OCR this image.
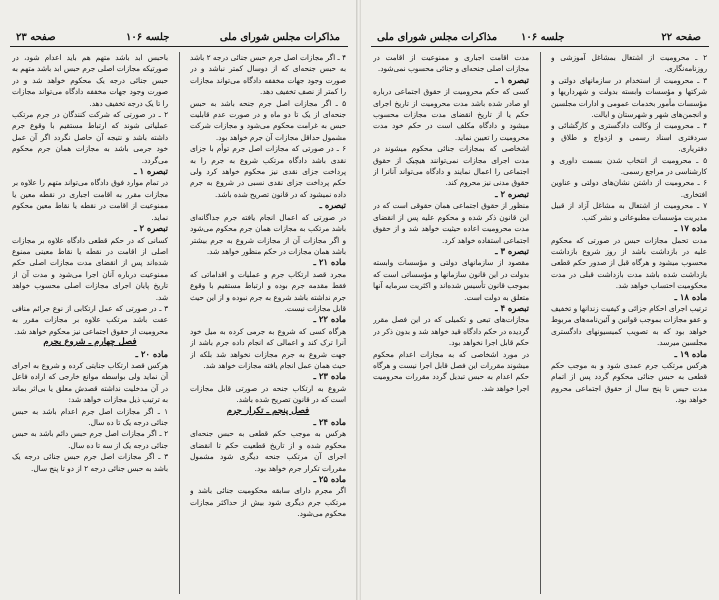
صفحه ۲۳	جلسه ۱۰۶	مذاکرات مجلس شورای ملی

۴ ـ اگر مجازات اصل جرم حبس جنائی درجه ۲ باشد به حبس جنحه‌ای که از دوسال کمتر نباشد و در صورت وجود جهات مخففه دادگاه می‌تواند مجازات را کمتر از نصف تخفیف دهد.

۵ ـ اگر مجازات اصل جرم جنحه باشد به حبس جنحه‌ای از یک تا دو ماه و در صورت عدم قابلیت حبس به غرامت محکوم می‌شود و مجازات شرکت مشمول حداقل مجازات آن جرم خواهد بود.

۶ ـ در صورتی که مجازات اصل جرم توأم با جزای نقدی باشد دادگاه مرتکب شروع به جرم را به پرداخت جزای نقدی نیز محکوم خواهد کرد ولی حکم پرداخت جزای نقدی نسبی در شروع به جرم داده نمیشود که در قانون تصریح شده باشد.

تبصره ـ

در صورتی که اعمال انجام یافته جرم جداگانه‌ای باشد مرتکب به مجازات همان جرم محکوم می‌شود و اگر مجازات آن از مجازات شروع به جرم بیشتر باشد همان مجازات در حکم منظور خواهد شد.

ماده ۲۱ ـ

مجرد قصد ارتکاب جرم و عملیات و اقداماتی که فقط مقدمه جرم بوده و ارتباط مستقیم با وقوع جرم نداشته باشد شروع به جرم نبوده و از این حیث قابل مجازات نیست.

ماده ۲۲ ـ

هرگاه کسی که شروع به جرمی کرده به میل خود آنرا ترک کند و اعمالی که انجام داده جرم باشد از جهت شروع به جرم مجازات نخواهد شد بلکه از حیث همان عمل انجام یافته مجازات خواهد شد.

ماده ۲۳ ـ

شروع به ارتکاب جنحه در صورتی قابل مجازات است که در قانون تصریح شده باشد.

فصل پنجم ـ تکرار جرم

ماده ۲۴ ـ

هرکس به موجب حکم قطعی به حبس جنحه‌ای محکوم شده و از تاریخ قطعیت حکم تا انقضای اجرای آن مرتکب جنحه دیگری شود مشمول مقررات تکرار جرم خواهد بود.

ماده ۲۵ ـ

اگر مجرم دارای سابقه محکومیت جنائی باشد و مرتکب جرم دیگری شود بیش از حداکثر مجازات محکوم می‌شود.

باحبس ابد باشد متهم هم باید اعدام شود، در صورتیکه مجازات اصلی جرم حبس ابد باشد متهم به حبس جنائی درجه یک محکوم خواهد شد و در صورت وجود جهات مخففه دادگاه می‌تواند مجازات را تا یک درجه تخفیف دهد.

۲ ـ در صورتی که شرکت کنندگان در جرم مرتکب عملیاتی شوند که ارتباط مستقیم با وقوع جرم داشته باشد و نتیجه آن حاصل نگردد اگر آن عمل خود جرمی باشد به مجازات همان جرم محکوم می‌گردد.

تبصره ۱ ـ

در تمام موارد فوق دادگاه می‌تواند متهم را علاوه بر مجازات مقرر به اقامت اجباری در نقطه معین یا ممنوعیت از اقامت در نقطه یا نقاط معین محکوم نماید.

تبصره ۲ ـ

کسانی که در حکم قطعی دادگاه علاوه بر مجازات اصلی از اقامت در نقطه یا نقاط معینی ممنوع شده‌اند پس از انقضای مدت مجازات اصلی حکم ممنوعیت درباره آنان اجرا می‌شود و مدت آن از تاریخ پایان اجرای مجازات اصلی محسوب خواهد شد.

۳ ـ در صورتی که عمل ارتکابی از نوع جرائم منافی عفت باشد مرتکب علاوه بر مجازات مقرر به محرومیت از حقوق اجتماعی نیز محکوم خواهد شد.

فصل چهارم ـ شروع بجرم

ماده ۲۰ ـ

هرکس قصد ارتکاب جنایتی کرده و شروع به اجرای آن نماید ولی بواسطه موانع خارجی که اراده فاعل در آن مدخلیت نداشته قصدش معلق یا بی‌اثر بماند به ترتیب ذیل مجازات خواهد شد:

۱ ـ اگر مجازات اصل جرم اعدام باشد به حبس جنائی درجه یک تا ده سال.

۲ ـ اگر مجازات اصل جرم حبس دائم باشد به حبس جنائی درجه یک از سه تا ده سال.

۳ ـ اگر مجازات اصل جرم حبس جنائی درجه یک باشد به حبس جنائی درجه ۲ از دو تا پنج سال.

مذاکرات مجلس شورای ملی جلسه ۱۰۶	صفحه ۲۲

۲ ـ محرومیت از اشتغال بمشاغل آموزشی و روزنامه‌نگاری.

۳ ـ محرومیت از استخدام در سازمانهای دولتی و شرکتها و مؤسسات وابسته بدولت و شهرداریها و مؤسسات مأمور بخدمات عمومی و ادارات مجلسین و انجمن‌های شهر و شهرستان و ایالت.

۴ ـ محرومیت از وکالت دادگستری و کارگشائی و سردفتری اسناد رسمی و ازدواج و طلاق و دفتریاری.

۵ ـ محرومیت از انتخاب شدن بسمت داوری و کارشناسی در مراجع رسمی.

۶ ـ محرومیت از داشتن نشان‌های دولتی و عناوین افتخاری.

۷ ـ محرومیت از اشتغال به مشاغل آزاد از قبیل مدیریت مؤسسات مطبوعاتی و نشر کتب.

ماده ۱۷ ـ

مدت تحمل مجازات حبس در صورتی که محکوم علیه در بازداشت باشد از روز شروع بازداشت محسوب میشود و هرگاه قبل از صدور حکم قطعی بازداشت شده باشد مدت بازداشت قبلی در مدت محکومیت احتساب خواهد شد.

ماده ۱۸ ـ

ترتیب اجرای احکام جزائی و کیفیت زندانها و تخفیف و عفو مجازات بموجب قوانین و آئین‌نامه‌های مربوط خواهد بود که به تصویب کمیسیونهای دادگستری مجلسین میرسد.

ماده ۱۹ ـ

هرکس مرتکب جرم عمدی شود و به موجب حکم قطعی به حبس جنائی محکوم گردد پس از اتمام مدت حبس تا پنج سال از حقوق اجتماعی محروم خواهد بود.

مدت اقامت اجباری و ممنوعیت از اقامت در مجازات اصلی جنحه‌ای و جنائی محسوب نمی‌شود.

تبصره ۱ ـ

کسی که حکم محرومیت از حقوق اجتماعی درباره او صادر شده باشد مدت محرومیت از تاریخ اجرای حکم یا از تاریخ انقضای مدت مجازات محسوب میشود و دادگاه مکلف است در حکم خود مدت محرومیت را تعیین نماید.

اشخاصی که بمجازات جنائی محکوم میشوند در مدت اجرای مجازات نمی‌توانند هیچیک از حقوق اجتماعی را اعمال نمایند و دادگاه می‌تواند آنانرا از حقوق مدنی نیز محروم کند.

تبصره ۲ ـ

منظور از حقوق اجتماعی همان حقوقی است که در این قانون ذکر شده و محکوم علیه پس از انقضای مدت محرومیت اعاده حیثیت خواهد شد و از حقوق اجتماعی استفاده خواهد کرد.

تبصره ۳ ـ

مقصود از سازمانهای دولتی و مؤسسات وابسته بدولت در این قانون سازمانها و مؤسساتی است که بموجب قانون تأسیس شده‌اند و اکثریت سرمایه آنها متعلق به دولت است.

تبصره ۴ ـ

مجازات‌های تبعی و تکمیلی که در این فصل مقرر گردیده در حکم دادگاه قید خواهد شد و بدون ذکر در حکم قابل اجرا نخواهد بود.

در مورد اشخاصی که به مجازات اعدام محکوم میشوند مقررات این فصل قابل اجرا نیست و هرگاه حکم اعدام به حبس تبدیل گردد مقررات محرومیت اجرا خواهد شد.
